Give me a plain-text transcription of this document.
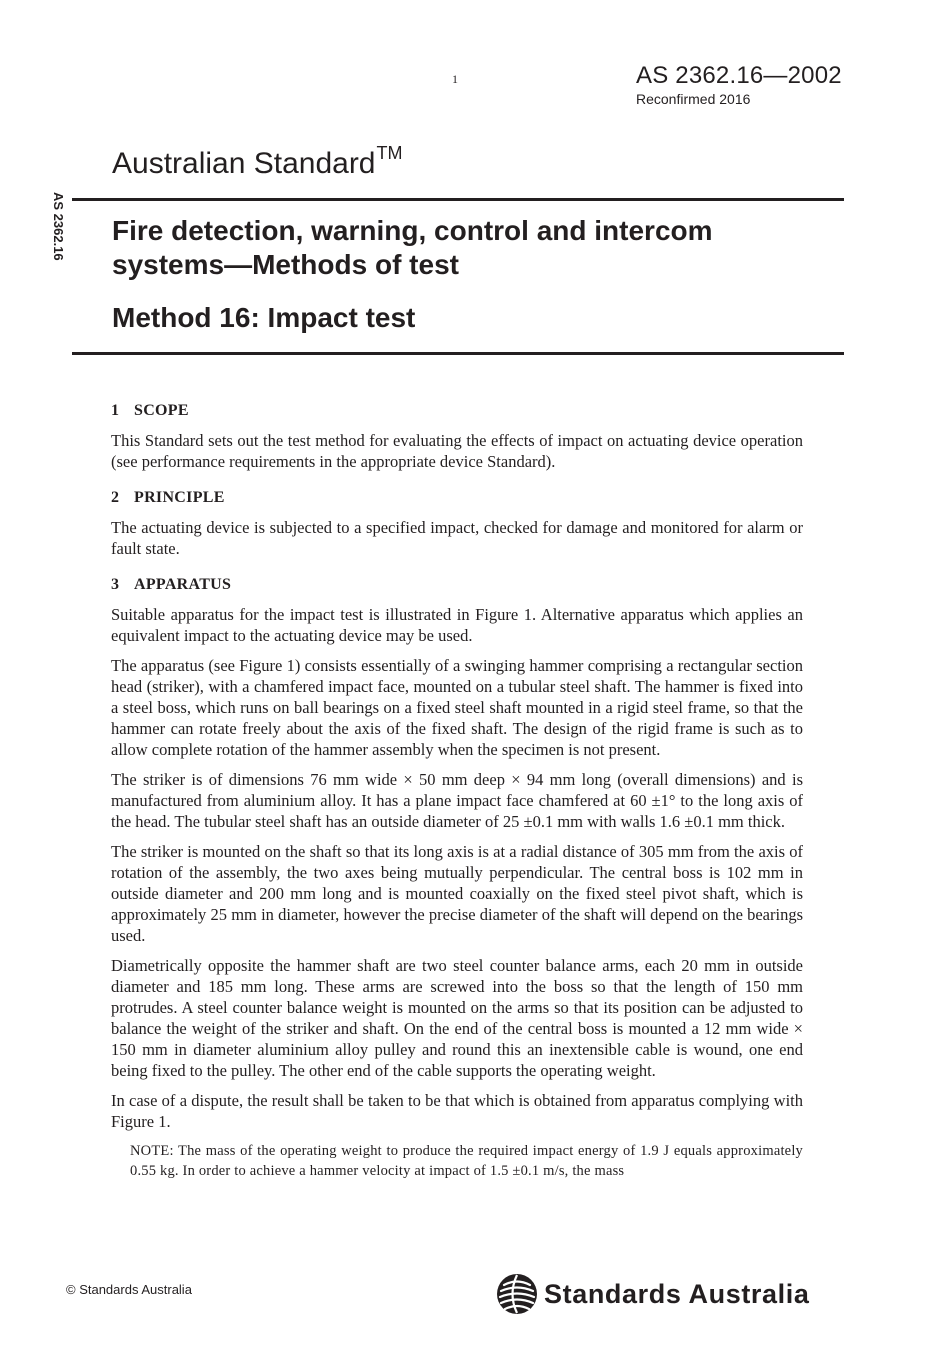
1	AS 2362.16—2002
Reconfirmed 2016
AS 2362.16
Australian Standard™
Fire detection, warning, control and intercom
systems—Methods of test
Method 16: Impact test
1 SCOPE

This Standard sets out the test method for evaluating the effects of impact on actuating device operation (see performance requirements in the appropriate device Standard).

2 PRINCIPLE

The actuating device is subjected to a specified impact, checked for damage and monitored for alarm or fault state.

3 APPARATUS

Suitable apparatus for the impact test is illustrated in Figure 1. Alternative apparatus which applies an equivalent impact to the actuating device may be used.

The apparatus (see Figure 1) consists essentially of a swinging hammer comprising a rectangular section head (striker), with a chamfered impact face, mounted on a tubular steel shaft. The hammer is fixed into a steel boss, which runs on ball bearings on a fixed steel shaft mounted in a rigid steel frame, so that the hammer can rotate freely about the axis of the fixed shaft. The design of the rigid frame is such as to allow complete rotation of the hammer assembly when the specimen is not present.

The striker is of dimensions 76 mm wide × 50 mm deep × 94 mm long (overall dimensions) and is manufactured from aluminium alloy. It has a plane impact face chamfered at 60 ±1° to the long axis of the head. The tubular steel shaft has an outside diameter of 25 ±0.1 mm with walls 1.6 ±0.1 mm thick.

The striker is mounted on the shaft so that its long axis is at a radial distance of 305 mm from the axis of rotation of the assembly, the two axes being mutually perpendicular. The central boss is 102 mm in outside diameter and 200 mm long and is mounted coaxially on the fixed steel pivot shaft, which is approximately 25 mm in diameter, however the precise diameter of the shaft will depend on the bearings used.

Diametrically opposite the hammer shaft are two steel counter balance arms, each 20 mm in outside diameter and 185 mm long. These arms are screwed into the boss so that the length of 150 mm protrudes. A steel counter balance weight is mounted on the arms so that its position can be adjusted to balance the weight of the striker and shaft. On the end of the central boss is mounted a 12 mm wide × 150 mm in diameter aluminium alloy pulley and round this an inextensible cable is wound, one end being fixed to the pulley. The other end of the cable supports the operating weight.

In case of a dispute, the result shall be taken to be that which is obtained from apparatus complying with Figure 1.

NOTE: The mass of the operating weight to produce the required impact energy of 1.9 J equals approximately 0.55 kg. In order to achieve a hammer velocity at impact of 1.5 ±0.1 m/s, the mass

© Standards Australia	Standards Australia
